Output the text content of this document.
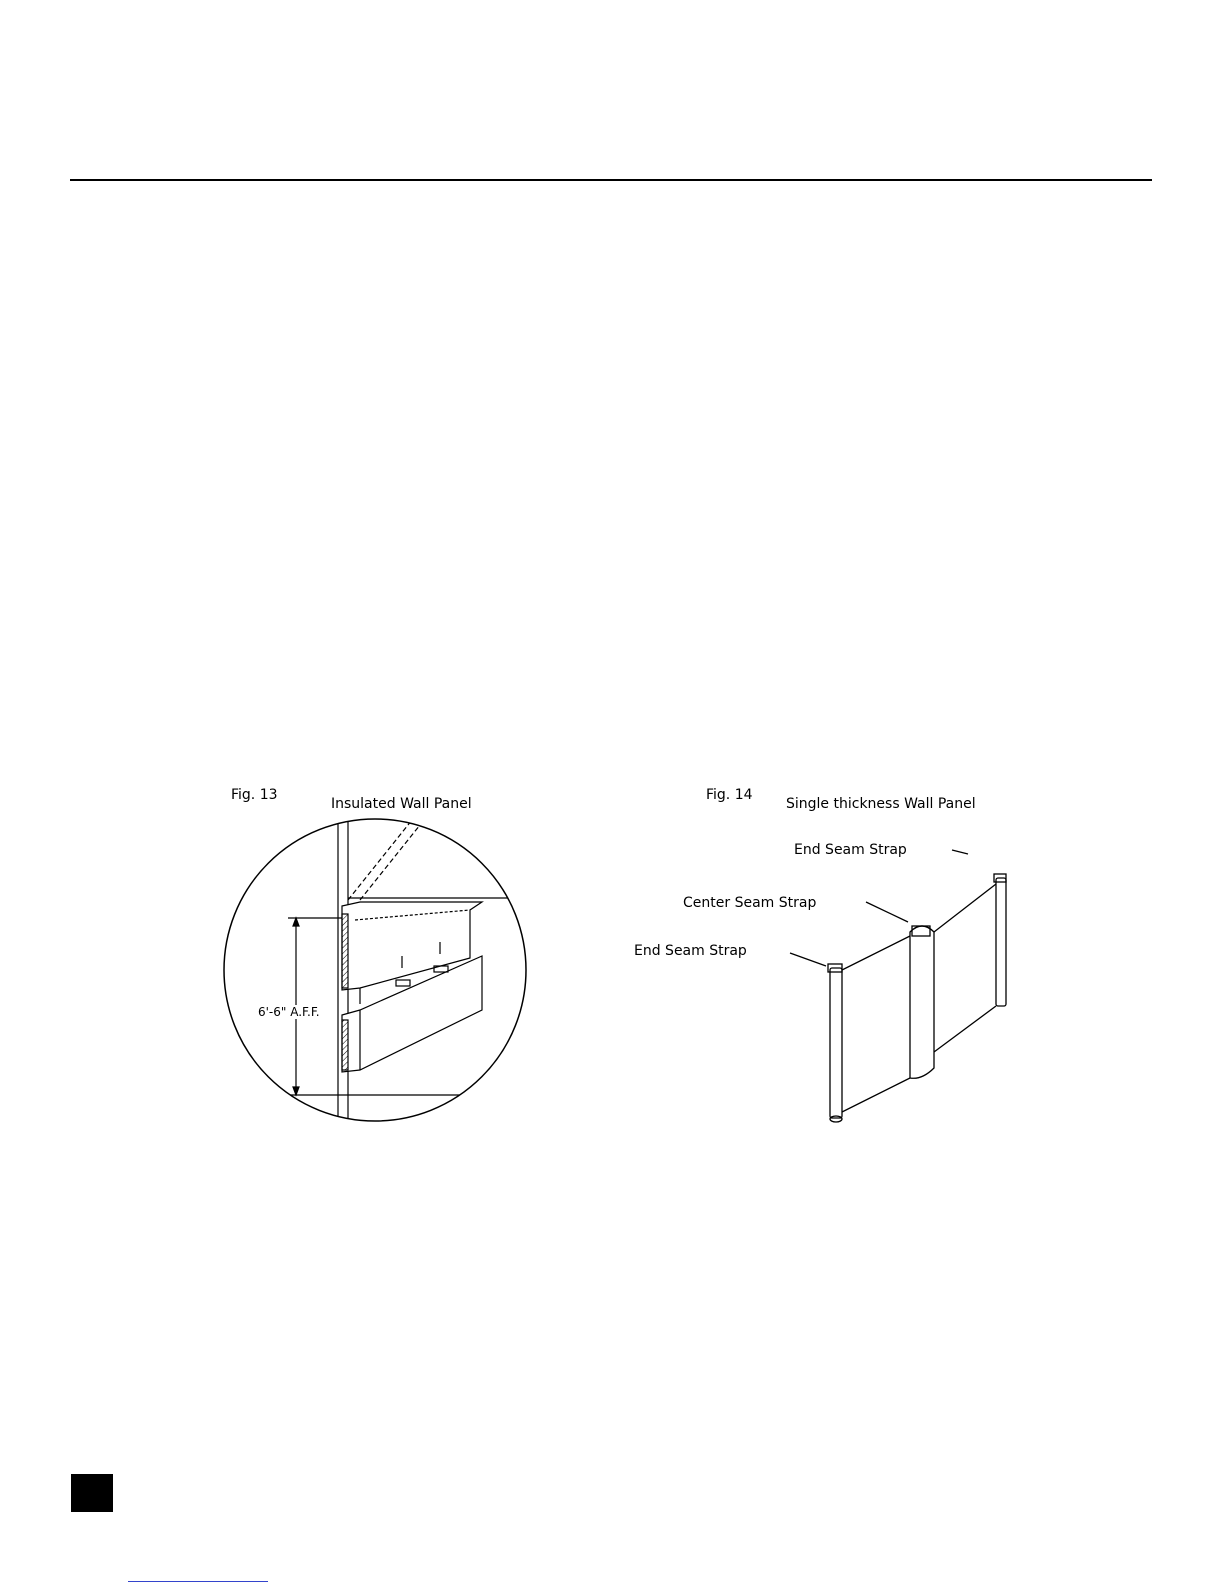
Fig. 13
Insulated Wall Panel
6'-6" A.F.F.
Fig. 14
Single thickness Wall Panel
End Seam Strap
Center Seam Strap
End Seam Strap
